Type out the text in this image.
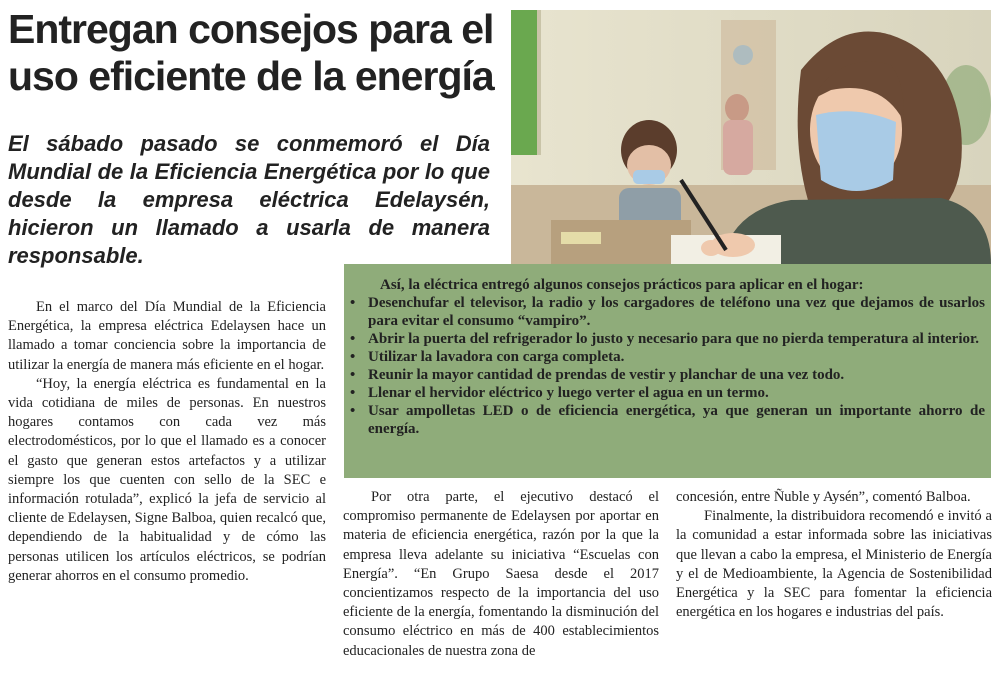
Entregan consejos para el uso eficiente de la energía

El sábado pasado se conmemoró el Día Mundial de la Eficiencia Energética por lo que desde la empresa eléctrica Edelaysén, hicieron un llamado a usarla de manera responsable.

Así, la eléctrica entregó algunos consejos prácticos para aplicar en el hogar:

• Desenchufar el televisor, la radio y los cargadores de teléfono una vez que dejamos de usarlos para evitar el consumo “vampiro”.
• Abrir la puerta del refrigerador lo justo y necesario para que no pierda temperatura al interior.
• Utilizar la lavadora con carga completa.
• Reunir la mayor cantidad de prendas de vestir y planchar de una vez todo.
• Llenar el hervidor eléctrico y luego verter el agua en un termo.
• Usar ampolletas LED o de eficiencia energética, ya que generan un importante ahorro de energía.

En el marco del Día Mundial de la Eficiencia Energética, la empresa eléctrica Edelaysen hace un llamado a tomar conciencia sobre la importancia de utilizar la energía de manera más eficiente en el hogar.

“Hoy, la energía eléctrica es fundamental en la vida cotidiana de miles de personas. En nuestros hogares contamos con cada vez más electrodomésticos, por lo que el llamado es a conocer el gasto que generan estos artefactos y a utilizar siempre los que cuenten con sello de la SEC e información rotulada”, explicó la jefa de servicio al cliente de Edelaysen, Signe Balboa, quien recalcó que, dependiendo de la habitualidad y de cómo las personas utilicen los artículos eléctricos, se podrían generar ahorros en el consumo promedio.

Por otra parte, el ejecutivo destacó el compromiso permanente de Edelaysen por aportar en materia de eficiencia energética, razón por la que la empresa lleva adelante su iniciativa “Escuelas con Energía”. “En Grupo Saesa desde el 2017 concientizamos respecto de la importancia del uso eficiente de la energía, fomentando la disminución del consumo eléctrico en más de 400 establecimientos educacionales de nuestra zona de

concesión, entre Ñuble y Aysén”, comentó Balboa.

Finalmente, la distribuidora recomendó e invitó a la comunidad a estar informada sobre las iniciativas que llevan a cabo la empresa, el Ministerio de Energía y el de Medioambiente, la Agencia de Sostenibilidad Energética y la SEC para fomentar la eficiencia energética en los hogares e industrias del país.
